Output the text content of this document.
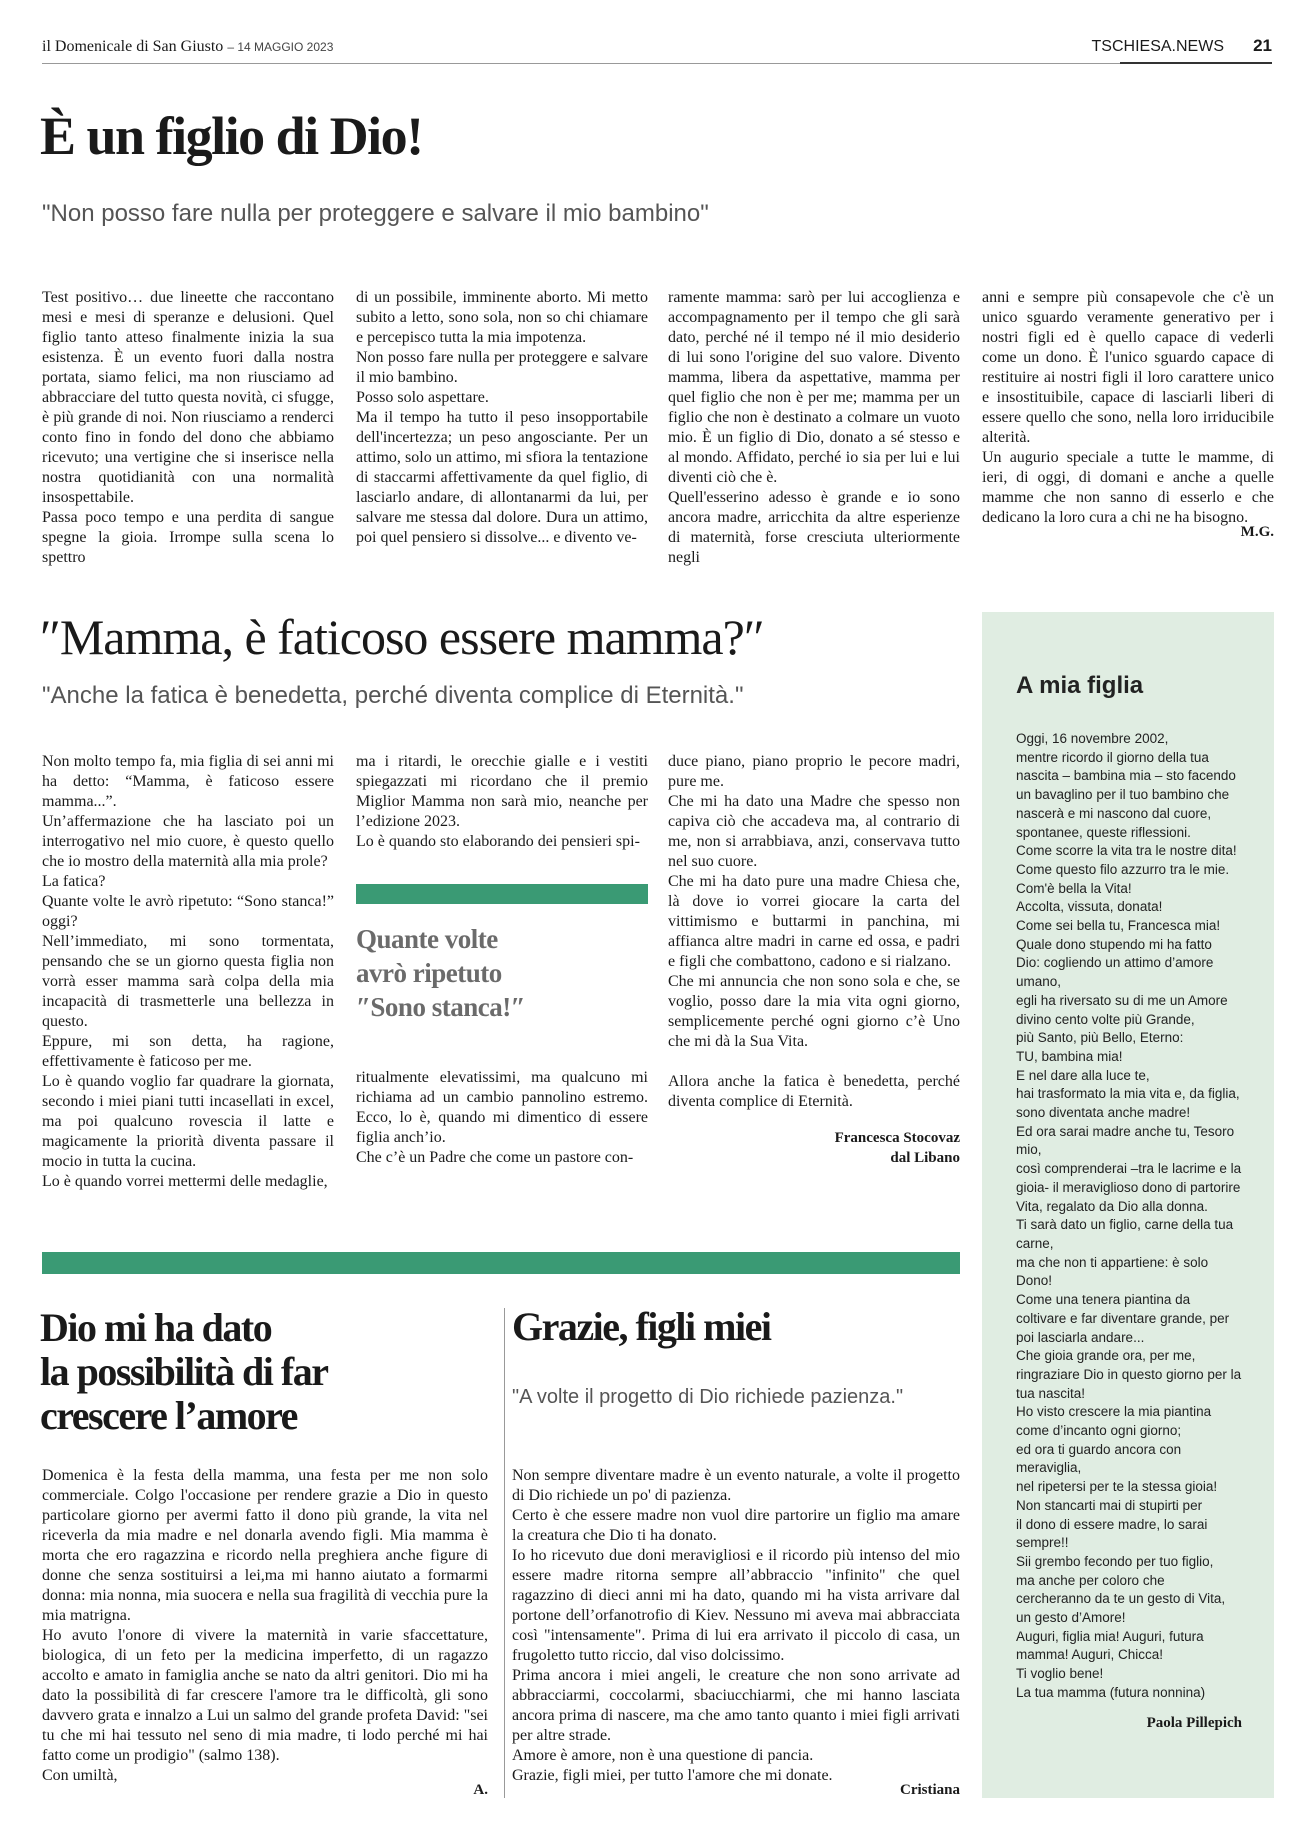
il Domenicale di San Giusto – 14 MAGGIO 2023	TSCHIESA.NEWS 21
È un figlio di Dio!
"Non posso fare nulla per proteggere e salvare il mio bambino"

Test positivo… due lineette che raccontano mesi e mesi di speranze e delusioni. Quel figlio tanto atteso finalmente inizia la sua esistenza. È un evento fuori dalla nostra portata, siamo felici, ma non riusciamo ad abbracciare del tutto questa novità, ci sfugge, è più grande di noi. Non riusciamo a renderci conto fino in fondo del dono che abbiamo ricevuto; una vertigine che si inserisce nella nostra quotidianità con una normalità insospettabile.

Passa poco tempo e una perdita di sangue spegne la gioia. Irrompe sulla scena lo spettro

di un possibile, imminente aborto. Mi metto subito a letto, sono sola, non so chi chiamare e percepisco tutta la mia impotenza.

Non posso fare nulla per proteggere e salvare il mio bambino.

Posso solo aspettare.

Ma il tempo ha tutto il peso insopportabile dell'incertezza; un peso angosciante. Per un attimo, solo un attimo, mi sfiora la tentazione di staccarmi affettivamente da quel figlio, di lasciarlo andare, di allontanarmi da lui, per salvare me stessa dal dolore. Dura un attimo, poi quel pensiero si dissolve... e divento ve-

ramente mamma: sarò per lui accoglienza e accompagnamento per il tempo che gli sarà dato, perché né il tempo né il mio desiderio di lui sono l'origine del suo valore. Divento mamma, libera da aspettative, mamma per quel figlio che non è per me; mamma per un figlio che non è destinato a colmare un vuoto mio. È un figlio di Dio, donato a sé stesso e al mondo. Affidato, perché io sia per lui e lui diventi ciò che è.

Quell'esserino adesso è grande e io sono ancora madre, arricchita da altre esperienze di maternità, forse cresciuta ulteriormente negli

anni e sempre più consapevole che c'è un unico sguardo veramente generativo per i nostri figli ed è quello capace di vederli come un dono. È l'unico sguardo capace di restituire ai nostri figli il loro carattere unico e insostituibile, capace di lasciarli liberi di essere quello che sono, nella loro irriducibile alterità.

Un augurio speciale a tutte le mamme, di ieri, di oggi, di domani e anche a quelle mamme che non sanno di esserlo e che dedicano la loro cura a chi ne ha bisogno.

M.G.
″Mamma, è faticoso essere mamma?″
"Anche la fatica è benedetta, perché diventa complice di Eternità."

Non molto tempo fa, mia figlia di sei anni mi ha detto: “Mamma, è faticoso essere mamma...”.

Un’affermazione che ha lasciato poi un interrogativo nel mio cuore, è questo quello che io mostro della maternità alla mia prole?

La fatica?

Quante volte le avrò ripetuto: “Sono stanca!” oggi?

Nell’immediato, mi sono tormentata, pensando che se un giorno questa figlia non vorrà esser mamma sarà colpa della mia incapacità di trasmetterle una bellezza in questo.

Eppure, mi son detta, ha ragione, effettivamente è faticoso per me.

Lo è quando voglio far quadrare la giornata, secondo i miei piani tutti incasellati in excel, ma poi qualcuno rovescia il latte e magicamente la priorità diventa passare il mocio in tutta la cucina.

Lo è quando vorrei mettermi delle medaglie,

ma i ritardi, le orecchie gialle e i vestiti spiegazzati mi ricordano che il premio Miglior Mamma non sarà mio, neanche per l’edizione 2023.

Lo è quando sto elaborando dei pensieri spi-

Quante volte
avrò ripetuto
″Sono stanca!″

ritualmente elevatissimi, ma qualcuno mi richiama ad un cambio pannolino estremo. Ecco, lo è, quando mi dimentico di essere figlia anch’io.

Che c’è un Padre che come un pastore con-

duce piano, piano proprio le pecore madri, pure me.

Che mi ha dato una Madre che spesso non capiva ciò che accadeva ma, al contrario di me, non si arrabbiava, anzi, conservava tutto nel suo cuore.

Che mi ha dato pure una madre Chiesa che, là dove io vorrei giocare la carta del vittimismo e buttarmi in panchina, mi affianca altre madri in carne ed ossa, e padri e figli che combattono, cadono e si rialzano.

Che mi annuncia che non sono sola e che, se voglio, posso dare la mia vita ogni giorno, semplicemente perché ogni giorno c’è Uno che mi dà la Sua Vita.

Allora anche la fatica è benedetta, perché diventa complice di Eternità.

Francesca Stocovaz
dal Libano
A mia figlia
Oggi, 16 novembre 2002,
mentre ricordo il giorno della tua
nascita – bambina mia – sto facendo
un bavaglino per il tuo bambino che
nascerà e mi nascono dal cuore,
spontanee, queste riflessioni.
Come scorre la vita tra le nostre dita!
Come questo filo azzurro tra le mie.
Com'è bella la Vita!
Accolta, vissuta, donata!
Come sei bella tu, Francesca mia!
Quale dono stupendo mi ha fatto
Dio: cogliendo un attimo d’amore
umano,
egli ha riversato su di me un Amore
divino cento volte più Grande,
più Santo, più Bello, Eterno:
TU, bambina mia!
E nel dare alla luce te,
hai trasformato la mia vita e, da figlia,
sono diventata anche madre!
Ed ora sarai madre anche tu, Tesoro
mio,
così comprenderai –tra le lacrime e la
gioia- il meraviglioso dono di partorire
Vita, regalato da Dio alla donna.
Ti sarà dato un figlio, carne della tua
carne,
ma che non ti appartiene: è solo
Dono!
Come una tenera piantina da
coltivare e far diventare grande, per
poi lasciarla andare...
Che gioia grande ora, per me,
ringraziare Dio in questo giorno per la
tua nascita!
Ho visto crescere la mia piantina
come d’incanto ogni giorno;
ed ora ti guardo ancora con
meraviglia,
nel ripetersi per te la stessa gioia!
Non stancarti mai di stupirti per
il dono di essere madre, lo sarai
sempre!!
Sii grembo fecondo per tuo figlio,
ma anche per coloro che
cercheranno da te un gesto di Vita,
un gesto d’Amore!
Auguri, figlia mia! Auguri, futura
mamma! Auguri, Chicca!
Ti voglio bene!
La tua mamma (futura nonnina)
Paola Pillepich
Dio mi ha dato
la possibilità di far
crescere l’amore

Domenica è la festa della mamma, una festa per me non solo commerciale. Colgo l'occasione per rendere grazie a Dio in questo particolare giorno per avermi fatto il dono più grande, la vita nel riceverla da mia madre e nel donarla avendo figli. Mia mamma è morta che ero ragazzina e ricordo nella preghiera anche figure di donne che senza sostituirsi a lei,ma mi hanno aiutato a formarmi donna: mia nonna, mia suocera e nella sua fragilità di vecchia pure la mia matrigna.

Ho avuto l'onore di vivere la maternità in varie sfaccettature, biologica, di un feto per la medicina imperfetto, di un ragazzo accolto e amato in famiglia anche se nato da altri genitori. Dio mi ha dato la possibilità di far crescere l'amore tra le difficoltà, gli sono davvero grata e innalzo a Lui un salmo del grande profeta David: "sei tu che mi hai tessuto nel seno di mia madre, ti lodo perché mi hai fatto come un prodigio" (salmo 138).

Con umiltà,

A.
Grazie, figli miei
"A volte il progetto di Dio richiede pazienza."

Non sempre diventare madre è un evento naturale, a volte il progetto di Dio richiede un po' di pazienza.

Certo è che essere madre non vuol dire partorire un figlio ma amare la creatura che Dio ti ha donato.

Io ho ricevuto due doni meravigliosi e il ricordo più intenso del mio essere madre ritorna sempre all’abbraccio "infinito" che quel ragazzino di dieci anni mi ha dato, quando mi ha vista arrivare dal portone dell’orfanotrofio di Kiev. Nessuno mi aveva mai abbracciata così "intensamente". Prima di lui era arrivato il piccolo di casa, un frugoletto tutto riccio, dal viso dolcissimo.

Prima ancora i miei angeli, le creature che non sono arrivate ad abbracciarmi, coccolarmi, sbaciucchiarmi, che mi hanno lasciata ancora prima di nascere, ma che amo tanto quanto i miei figli arrivati per altre strade.

Amore è amore, non è una questione di pancia.

Grazie, figli miei, per tutto l'amore che mi donate.

Cristiana
